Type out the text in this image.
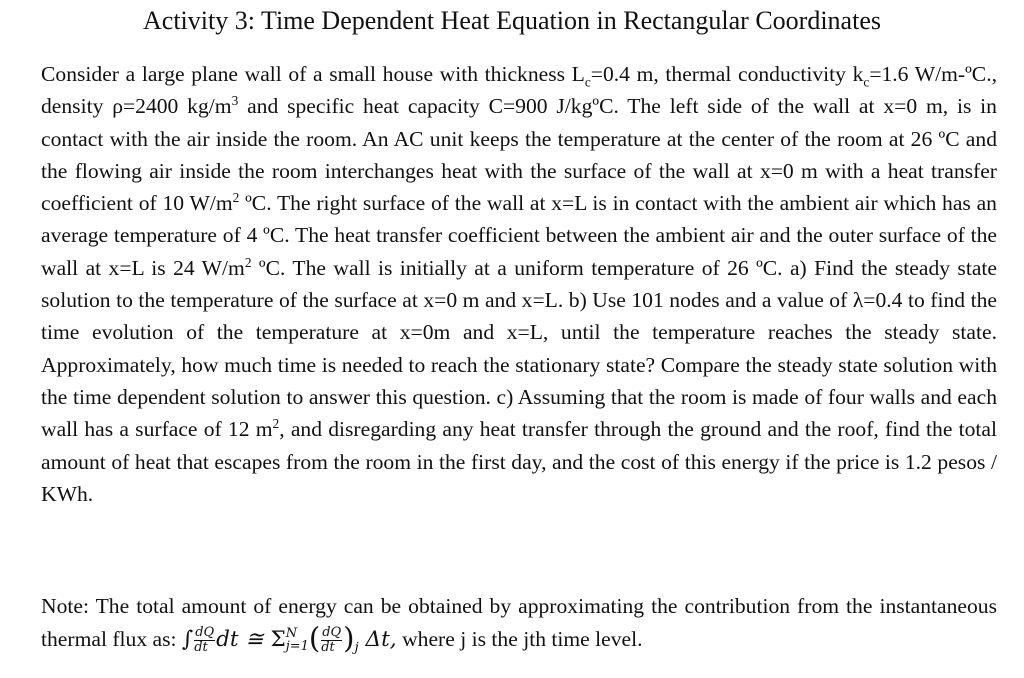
Activity 3: Time Dependent Heat Equation in Rectangular Coordinates
Consider a large plane wall of a small house with thickness $L_c=0.4$ m, thermal conductivity $k_c=1.6$ W/m-ºC., density ρ=2400 $kg/m^3$ and specific heat capacity C=900 J/kgºC. The left side of the wall at x=0 m, is in contact with the air inside the room. An AC unit keeps the temperature at the center of the room at 26 ºC and the flowing air inside the room interchanges heat with the surface of the wall at x=0 m with a heat transfer coefficient of 10 $W/m^2$ ºC. The right surface of the wall at x=L is in contact with the ambient air which has an average temperature of 4 ºC. The heat transfer coefficient between the ambient air and the outer surface of the wall at x=L is 24 $W/m^2$ ºC. The wall is initially at a uniform temperature of 26 ºC. a) Find the steady state solution to the temperature of the surface at x=0 m and x=L. b) Use 101 nodes and a value of λ=0.4 to find the time evolution of the temperature at x=0m and x=L, until the temperature reaches the steady state. Approximately, how much time is needed to reach the stationary state? Compare the steady state solution with the time dependent solution to answer this question. c) Assuming that the room is made of four walls and each wall has a surface of 12 $m^2$, and disregarding any heat transfer through the ground and the roof, find the total amount of heat that escapes from the room in the first day, and the cost of this energy if the price is 1.2 pesos / KWh.
Note: The total amount of energy can be obtained by approximating the contribution from the instantaneous thermal flux as: ∫ $\frac{dQ}{dt}$ dt ≅ Σ N
j=1 ( $\frac{dQ}{dt} )_j$ Δt, where j is the jth time level.
